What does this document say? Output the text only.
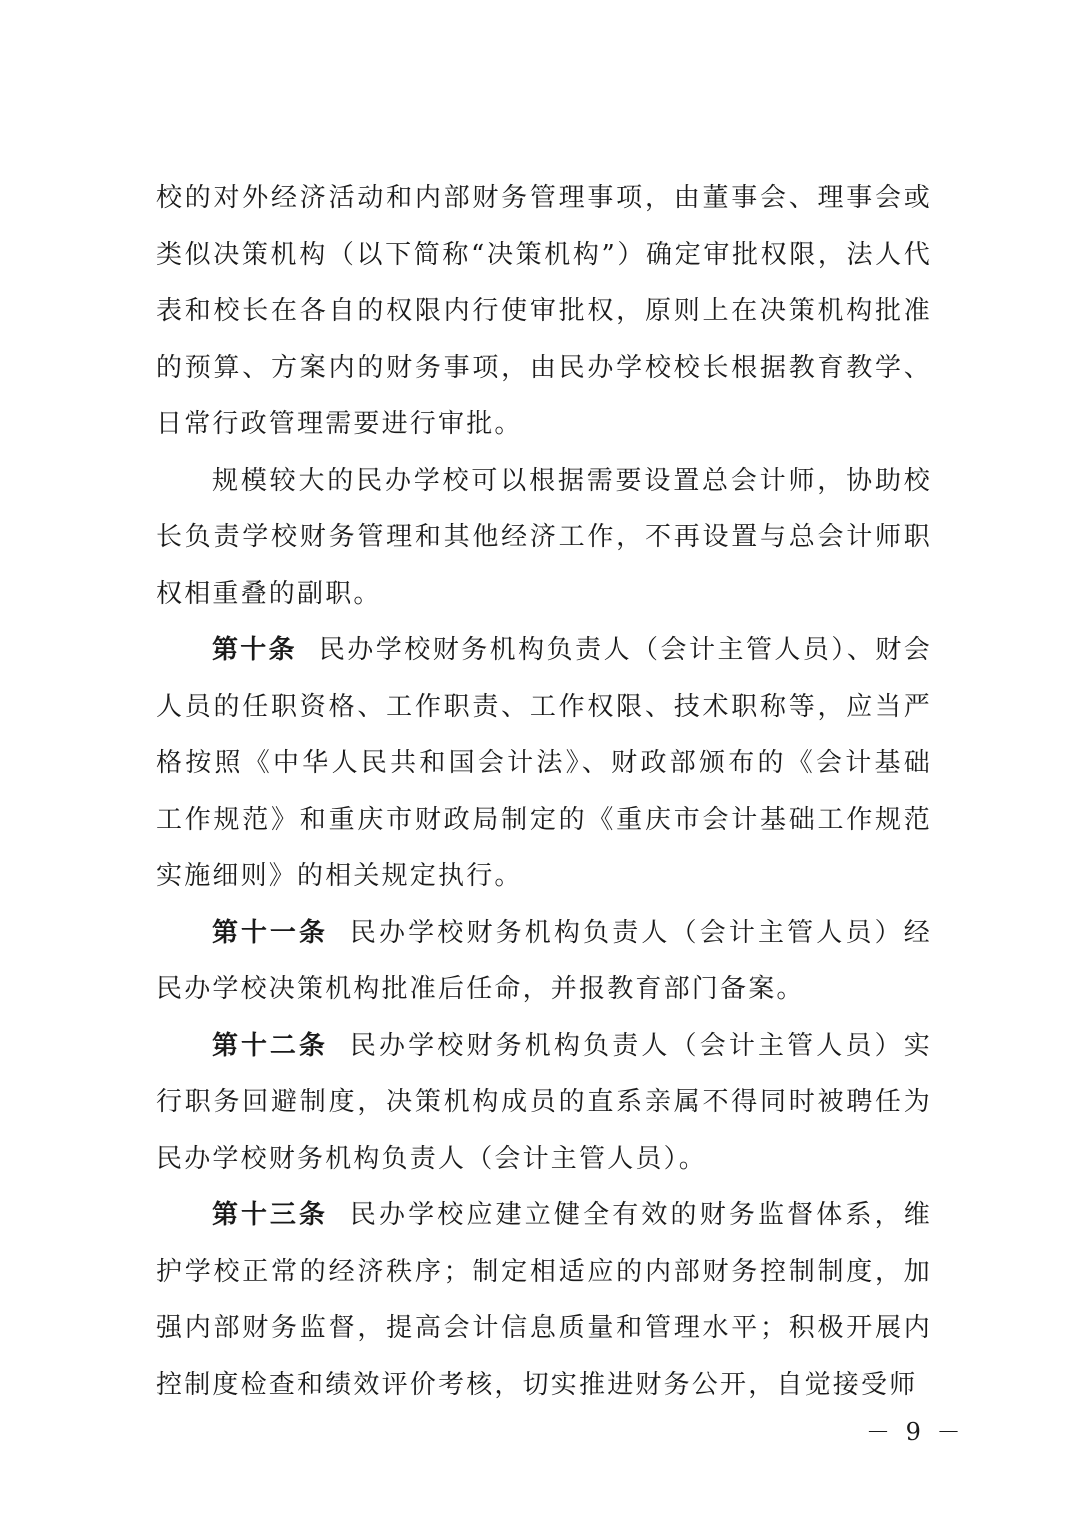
校的对外经济活动和内部财务管理事项，由董事会、理事会或类似决策机构（以下简称“决策机构”）确定审批权限，法人代表和校长在各自的权限内行使审批权，原则上在决策机构批准的预算、方案内的财务事项，由民办学校校长根据教育教学、日常行政管理需要进行审批。

规模较大的民办学校可以根据需要设置总会计师，协助校长负责学校财务管理和其他经济工作，不再设置与总会计师职权相重叠的副职。

第十条 民办学校财务机构负责人（会计主管人员）、财会人员的任职资格、工作职责、工作权限、技术职称等，应当严格按照《中华人民共和国会计法》、财政部颁布的《会计基础工作规范》和重庆市财政局制定的《重庆市会计基础工作规范实施细则》的相关规定执行。

第十一条 民办学校财务机构负责人（会计主管人员）经民办学校决策机构批准后任命，并报教育部门备案。

第十二条 民办学校财务机构负责人（会计主管人员）实行职务回避制度，决策机构成员的直系亲属不得同时被聘任为民办学校财务机构负责人（会计主管人员）。

第十三条 民办学校应建立健全有效的财务监督体系，维护学校正常的经济秩序；制定相适应的内部财务控制制度，加强内部财务监督，提高会计信息质量和管理水平；积极开展内控制度检查和绩效评价考核，切实推进财务公开，自觉接受师

－ 9 －
